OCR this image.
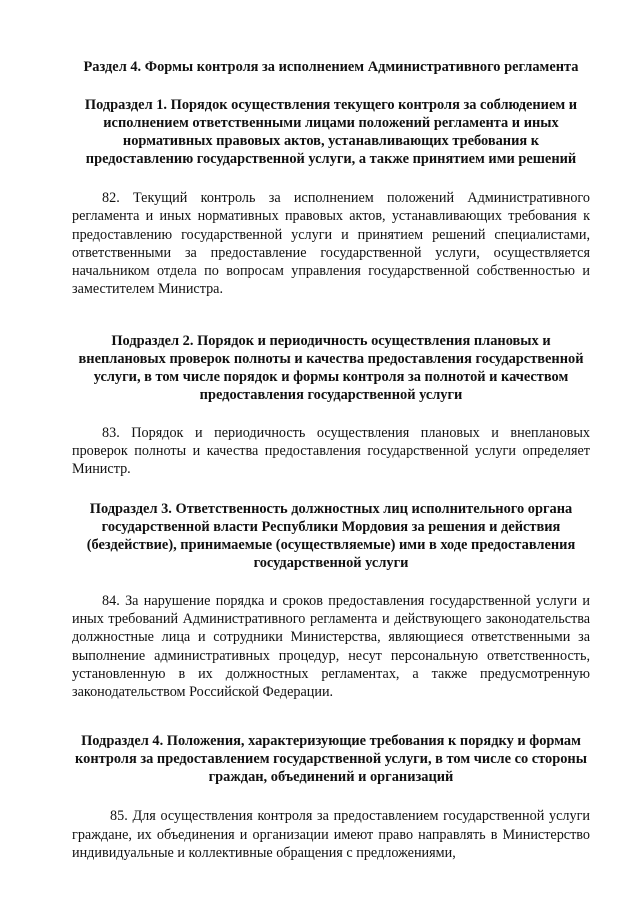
Раздел 4. Формы контроля за исполнением Административного регламента

Подраздел 1. Порядок осуществления текущего контроля за соблюдением и исполнением ответственными лицами положений регламента и иных нормативных правовых актов, устанавливающих требования к предоставлению государственной услуги, а также принятием ими решений

82. Текущий контроль за исполнением положений Административного регламента и иных нормативных правовых актов, устанавливающих требования к предоставлению государственной услуги и принятием решений специалистами, ответственными за предоставление государственной услуги, осуществляется начальником отдела по вопросам управления государственной собственностью и заместителем Министра.

Подраздел 2. Порядок и периодичность осуществления плановых и внеплановых проверок полноты и качества предоставления государственной услуги, в том числе порядок и формы контроля за полнотой и качеством предоставления государственной услуги

83. Порядок и периодичность осуществления плановых и внеплановых проверок полноты и качества предоставления государственной услуги определяет Министр.

Подраздел 3. Ответственность должностных лиц исполнительного органа государственной власти Республики Мордовия за решения и действия (бездействие), принимаемые (осуществляемые) ими в ходе предоставления государственной услуги

84. За нарушение порядка и сроков предоставления государственной услуги и иных требований Административного регламента и действующего законодательства должностные лица и сотрудники Министерства, являющиеся ответственными за выполнение административных процедур, несут персональную ответственность, установленную в их должностных регламентах, а также предусмотренную законодательством Российской Федерации.

Подраздел 4. Положения, характеризующие требования к порядку и формам контроля за предоставлением государственной услуги, в том числе со стороны граждан, объединений и организаций

85. Для осуществления контроля за предоставлением государственной услуги граждане, их объединения и организации имеют право направлять в Министерство индивидуальные и коллективные обращения с предложениями,
